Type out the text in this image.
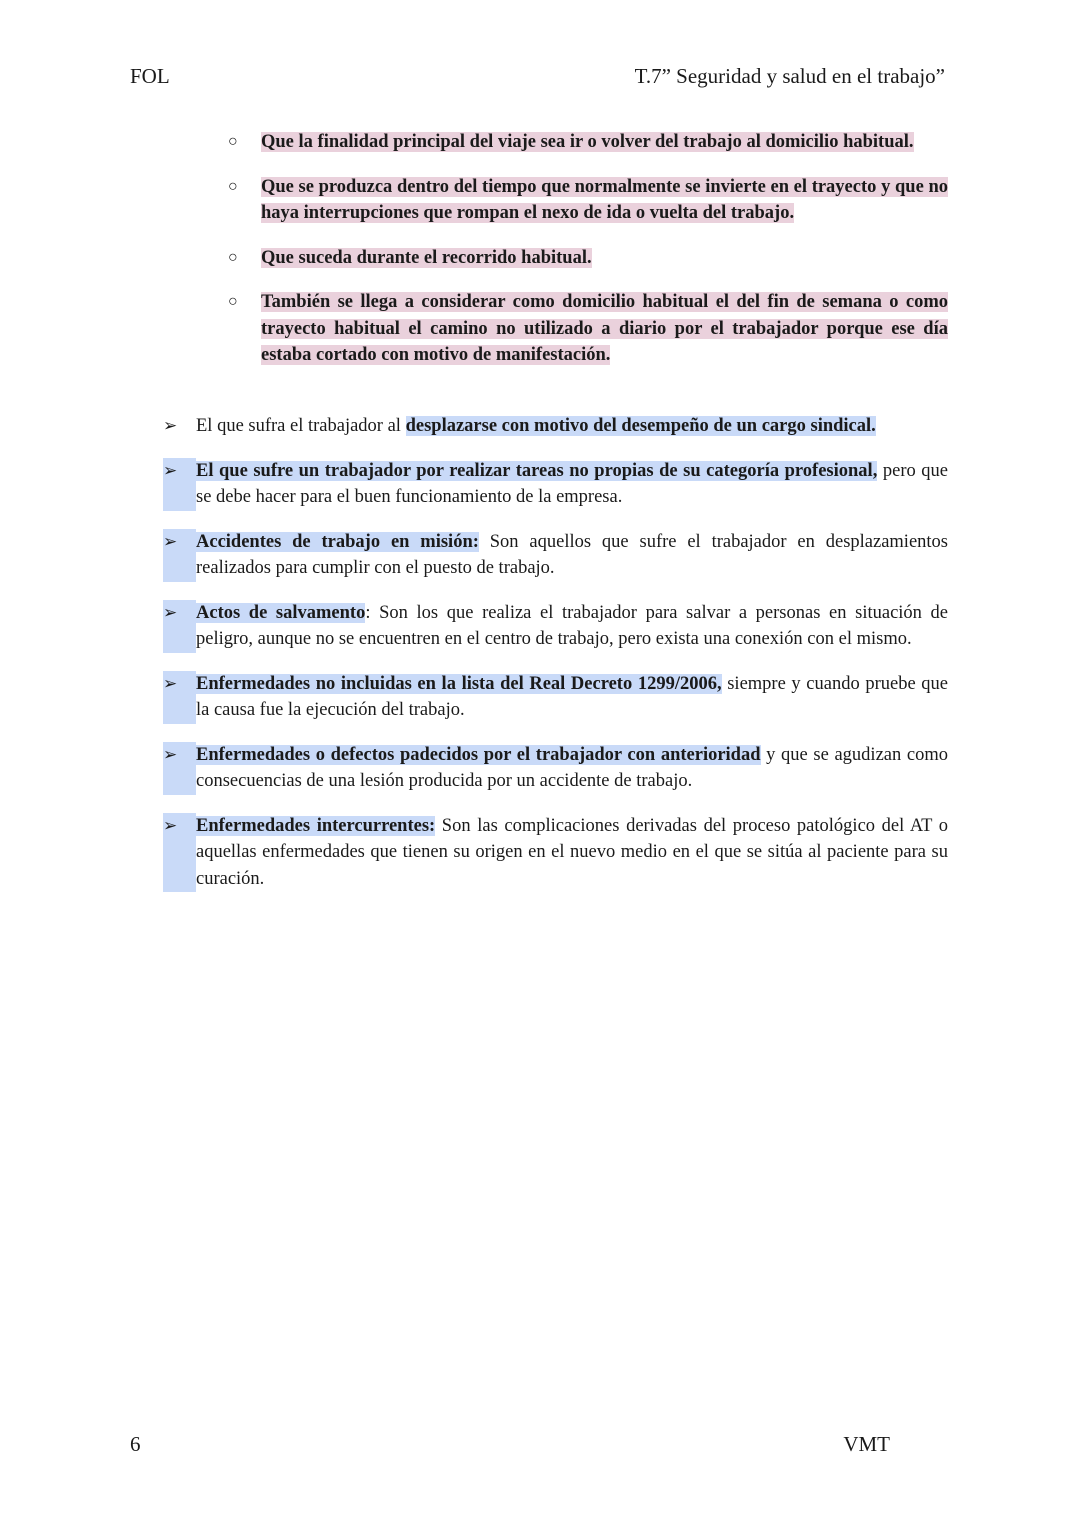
FOL	T.7” Seguridad y salud en el trabajo”
○	Que la finalidad principal del viaje sea ir o volver del trabajo al domicilio habitual.
○	Que se produzca dentro del tiempo que normalmente se invierte en el trayecto y que no haya interrupciones que rompan el nexo de ida o vuelta del trabajo.
○	Que suceda durante el recorrido habitual.
○	También se llega a considerar como domicilio habitual el del fin de semana o como trayecto habitual el camino no utilizado a diario por el trabajador porque ese día estaba cortado con motivo de manifestación.
➢	El que sufra el trabajador al desplazarse con motivo del desempeño de un cargo sindical.
➢	El que sufre un trabajador por realizar tareas no propias de su categoría profesional, pero que se debe hacer para el buen funcionamiento de la empresa.
➢	Accidentes de trabajo en misión: Son aquellos que sufre el trabajador en desplazamientos realizados para cumplir con el puesto de trabajo.
➢	Actos de salvamento: Son los que realiza el trabajador para salvar a personas en situación de peligro, aunque no se encuentren en el centro de trabajo, pero exista una conexión con el mismo.
➢	Enfermedades no incluidas en la lista del Real Decreto 1299/2006, siempre y cuando pruebe que la causa fue la ejecución del trabajo.
➢	Enfermedades o defectos padecidos por el trabajador con anterioridad y que se agudizan como consecuencias de una lesión producida por un accidente de trabajo.
➢	Enfermedades intercurrentes: Son las complicaciones derivadas del proceso patológico del AT o aquellas enfermedades que tienen su origen en el nuevo medio en el que se sitúa al paciente para su curación.
6	VMT
